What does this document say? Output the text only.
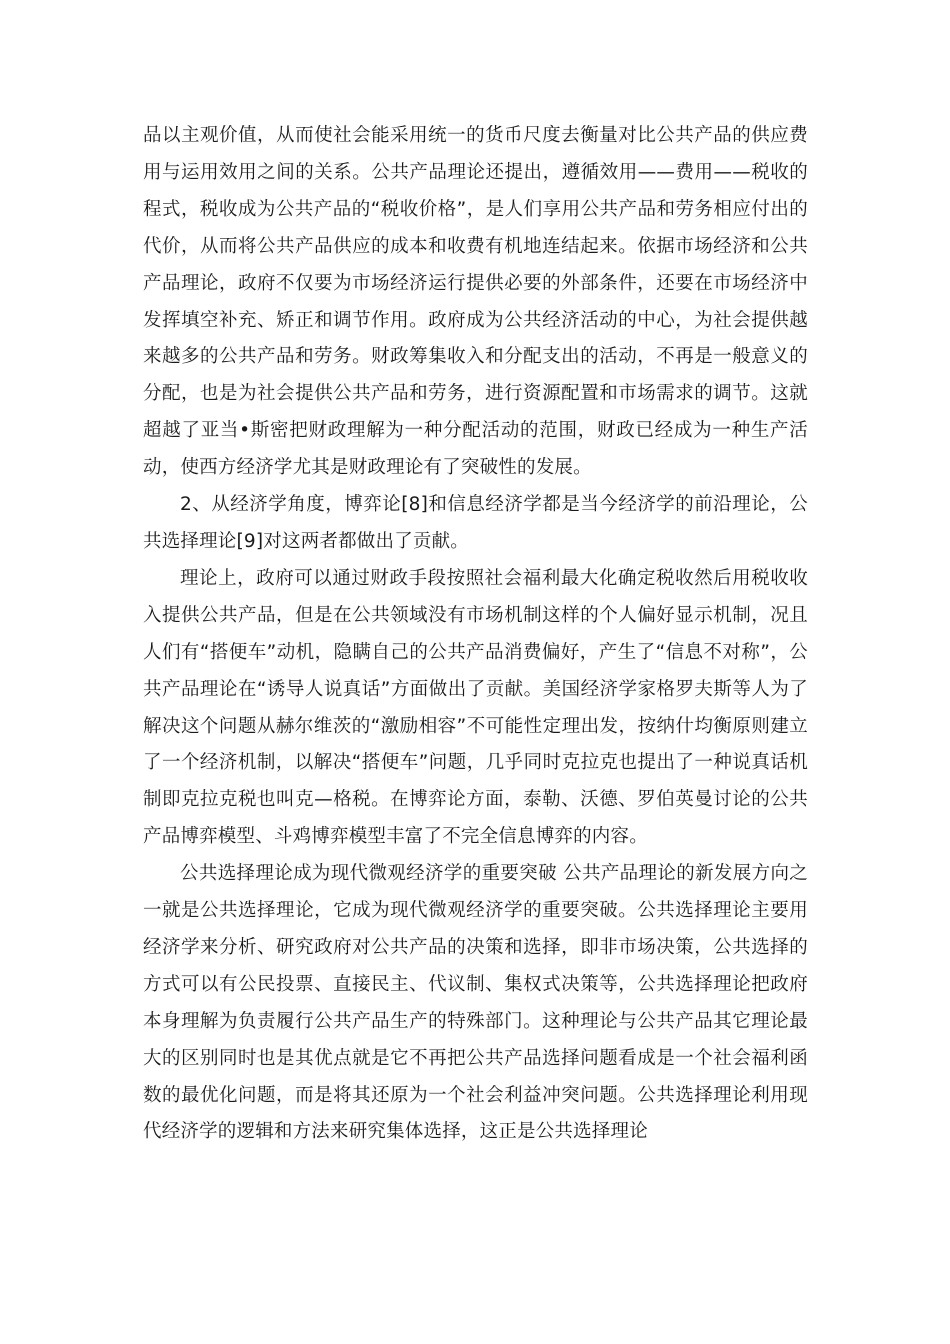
品以主观价值，从而使社会能采用统一的货币尺度去衡量对比公共产品的供应费用与运用效用之间的关系。公共产品理论还提出，遵循效用——费用——税收的程式，税收成为公共产品的“税收价格”，是人们享用公共产品和劳务相应付出的代价，从而将公共产品供应的成本和收费有机地连结起来。依据市场经济和公共产品理论，政府不仅要为市场经济运行提供必要的外部条件，还要在市场经济中发挥填空补充、矫正和调节作用。政府成为公共经济活动的中心，为社会提供越来越多的公共产品和劳务。财政筹集收入和分配支出的活动，不再是一般意义的分配，也是为社会提供公共产品和劳务，进行资源配置和市场需求的调节。这就超越了亚当•斯密把财政理解为一种分配活动的范围，财政已经成为一种生产活动，使西方经济学尤其是财政理论有了突破性的发展。

2、从经济学角度，博弈论[8]和信息经济学都是当今经济学的前沿理论，公共选择理论[9]对这两者都做出了贡献。

理论上，政府可以通过财政手段按照社会福利最大化确定税收然后用税收收入提供公共产品，但是在公共领域没有市场机制这样的个人偏好显示机制，况且人们有“搭便车”动机，隐瞒自己的公共产品消费偏好，产生了“信息不对称”，公共产品理论在“诱导人说真话”方面做出了贡献。美国经济学家格罗夫斯等人为了解决这个问题从赫尔维茨的“激励相容”不可能性定理出发，按纳什均衡原则建立了一个经济机制，以解决“搭便车”问题，几乎同时克拉克也提出了一种说真话机制即克拉克税也叫克—格税。在博弈论方面，泰勒、沃德、罗伯英曼讨论的公共产品博弈模型、斗鸡博弈模型丰富了不完全信息博弈的内容。

公共选择理论成为现代微观经济学的重要突破 公共产品理论的新发展方向之一就是公共选择理论，它成为现代微观经济学的重要突破。公共选择理论主要用经济学来分析、研究政府对公共产品的决策和选择，即非市场决策，公共选择的方式可以有公民投票、直接民主、代议制、集权式决策等，公共选择理论把政府本身理解为负责履行公共产品生产的特殊部门。这种理论与公共产品其它理论最大的区别同时也是其优点就是它不再把公共产品选择问题看成是一个社会福利函数的最优化问题，而是将其还原为一个社会利益冲突问题。公共选择理论利用现代经济学的逻辑和方法来研究集体选择，这正是公共选择理论
